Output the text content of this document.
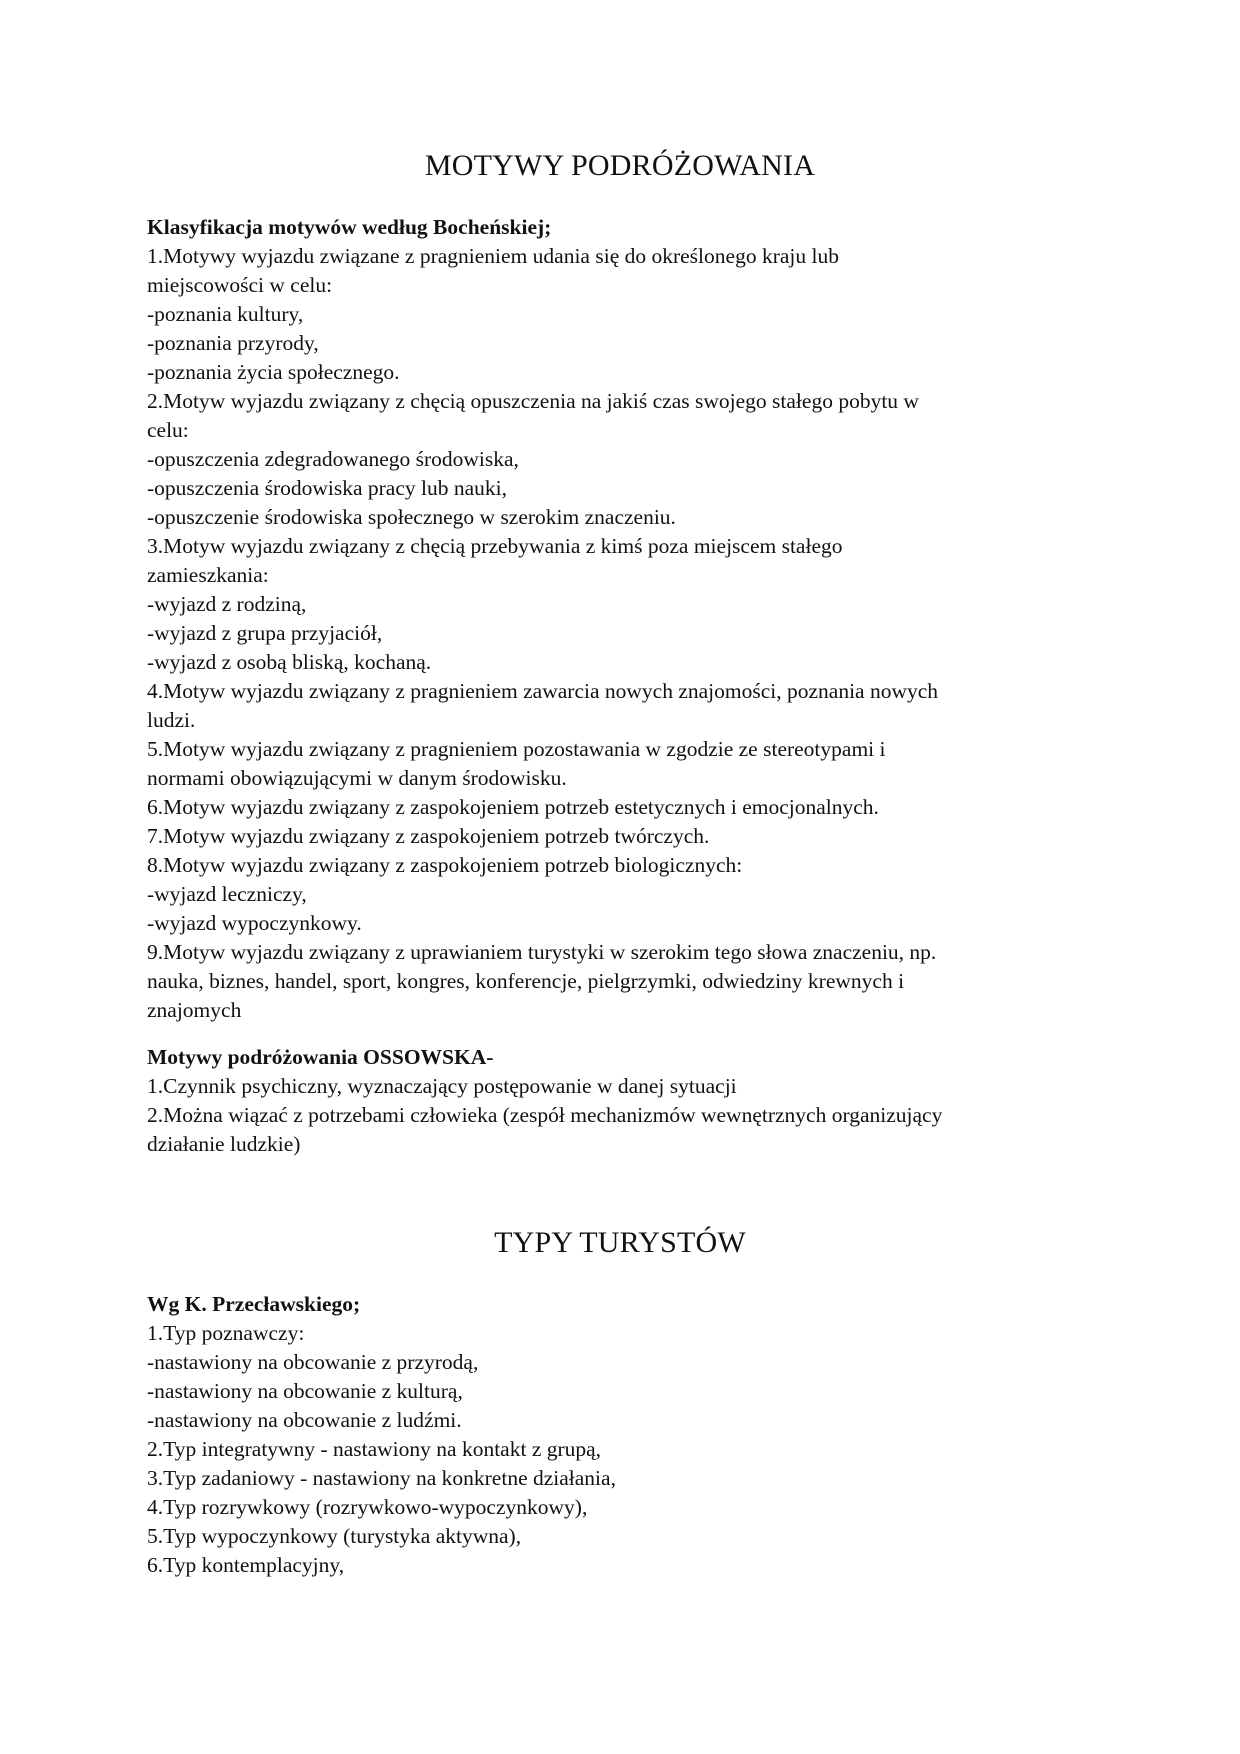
MOTYWY PODRÓŻOWANIA
Klasyfikacja motywów według Bocheńskiej;
1.Motywy wyjazdu związane z pragnieniem udania się do określonego kraju lub
miejscowości w celu:
-poznania kultury,
-poznania przyrody,
-poznania życia społecznego.
2.Motyw wyjazdu związany z chęcią opuszczenia na jakiś czas swojego stałego pobytu w
celu:
-opuszczenia zdegradowanego środowiska,
-opuszczenia środowiska pracy lub nauki,
-opuszczenie środowiska społecznego w szerokim znaczeniu.
3.Motyw wyjazdu związany z chęcią przebywania z kimś poza miejscem stałego
zamieszkania:
-wyjazd z rodziną,
-wyjazd z grupa przyjaciół,
-wyjazd z osobą bliską, kochaną.
4.Motyw wyjazdu związany z pragnieniem zawarcia nowych znajomości, poznania nowych
ludzi.
5.Motyw wyjazdu związany z pragnieniem pozostawania w zgodzie ze stereotypami i
normami obowiązującymi w danym środowisku.
6.Motyw wyjazdu związany z zaspokojeniem potrzeb estetycznych i emocjonalnych.
7.Motyw wyjazdu związany z zaspokojeniem potrzeb twórczych.
8.Motyw wyjazdu związany z zaspokojeniem potrzeb biologicznych:
-wyjazd leczniczy,
-wyjazd wypoczynkowy.
9.Motyw wyjazdu związany z uprawianiem turystyki w szerokim tego słowa znaczeniu, np.
nauka, biznes, handel, sport, kongres, konferencje, pielgrzymki, odwiedziny krewnych i
znajomych
Motywy podróżowania OSSOWSKA-
1.Czynnik psychiczny, wyznaczający postępowanie w danej sytuacji
2.Można wiązać z potrzebami człowieka (zespół mechanizmów wewnętrznych organizujący
działanie ludzkie)
TYPY TURYSTÓW
Wg K. Przecławskiego;
1.Typ poznawczy:
-nastawiony na obcowanie z przyrodą,
-nastawiony na obcowanie z kulturą,
-nastawiony na obcowanie z ludźmi.
2.Typ integratywny - nastawiony na kontakt z grupą,
3.Typ zadaniowy - nastawiony na konkretne działania,
4.Typ rozrywkowy (rozrywkowo-wypoczynkowy),
5.Typ wypoczynkowy (turystyka aktywna),
6.Typ kontemplacyjny,
